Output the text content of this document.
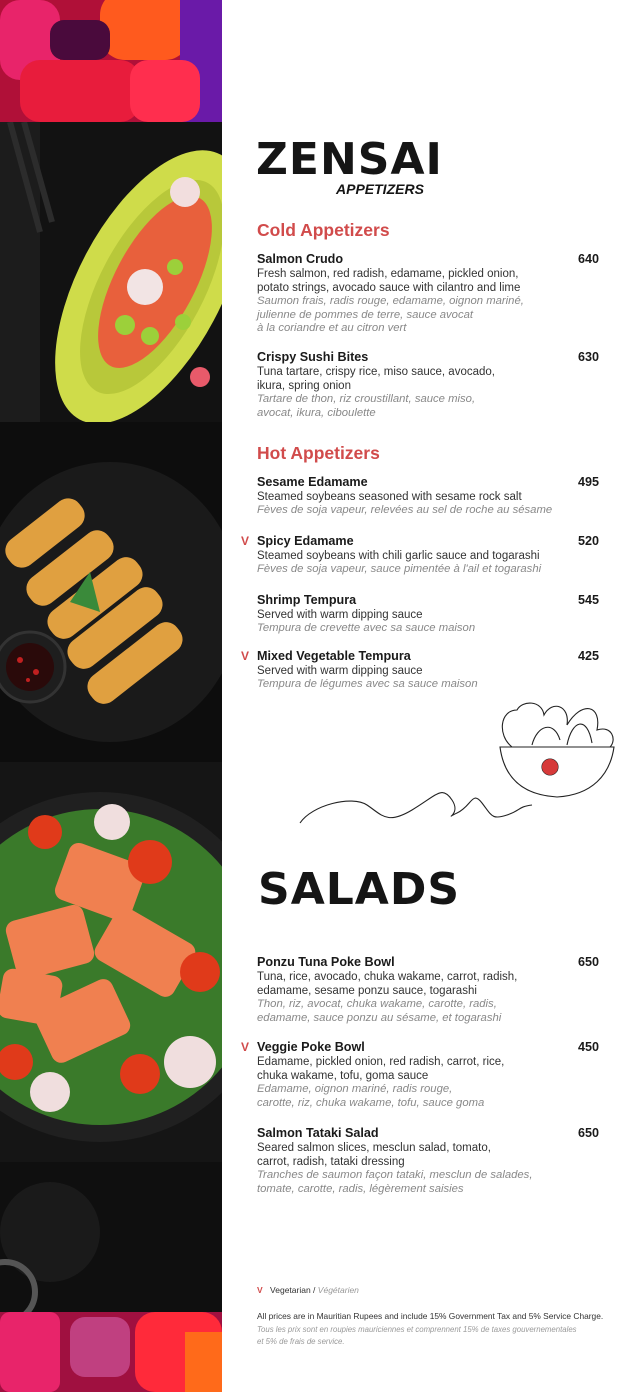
ZENSAI
APPETIZERS
Cold Appetizers
Salmon Crudo	640
Fresh salmon, red radish, edamame, pickled onion,
potato strings, avocado sauce with cilantro and lime
Saumon frais, radis rouge, edamame, oignon mariné,
julienne de pommes de terre, sauce avocat
à la coriandre et au citron vert
Crispy Sushi Bites	630
Tuna tartare, crispy rice, miso sauce, avocado,
ikura, spring onion
Tartare de thon, riz croustillant, sauce miso,
avocat, ikura, ciboulette
Hot Appetizers
Sesame Edamame	495
Steamed soybeans seasoned with sesame rock salt
Fèves de soja vapeur, relevées au sel de roche au sésame
V Spicy Edamame	520
Steamed soybeans with chili garlic sauce and togarashi
Fèves de soja vapeur, sauce pimentée à l'ail et togarashi
Shrimp Tempura	545
Served with warm dipping sauce
Tempura de crevette avec sa sauce maison
V Mixed Vegetable Tempura	425
Served with warm dipping sauce
Tempura de légumes avec sa sauce maison
SALADS
Ponzu Tuna Poke Bowl	650
Tuna, rice, avocado, chuka wakame, carrot, radish,
edamame, sesame ponzu sauce, togarashi
Thon, riz, avocat, chuka wakame, carotte, radis,
edamame, sauce ponzu au sésame, et togarashi
V Veggie Poke Bowl	450
Edamame, pickled onion, red radish, carrot, rice,
chuka wakame, tofu, goma sauce
Edamame, oignon mariné, radis rouge,
carotte, riz, chuka wakame, tofu, sauce goma
Salmon Tataki Salad	650
Seared salmon slices, mesclun salad, tomato,
carrot, radish, tataki dressing
Tranches de saumon façon tataki, mesclun de salades,
tomate, carotte, radis, légèrement saisies
V Vegetarian / Végétarien
All prices are in Mauritian Rupees and include 15% Government Tax and 5% Service Charge.
Tous les prix sont en roupies mauriciennes et comprennent 15% de taxes gouvernementales
et 5% de frais de service.
